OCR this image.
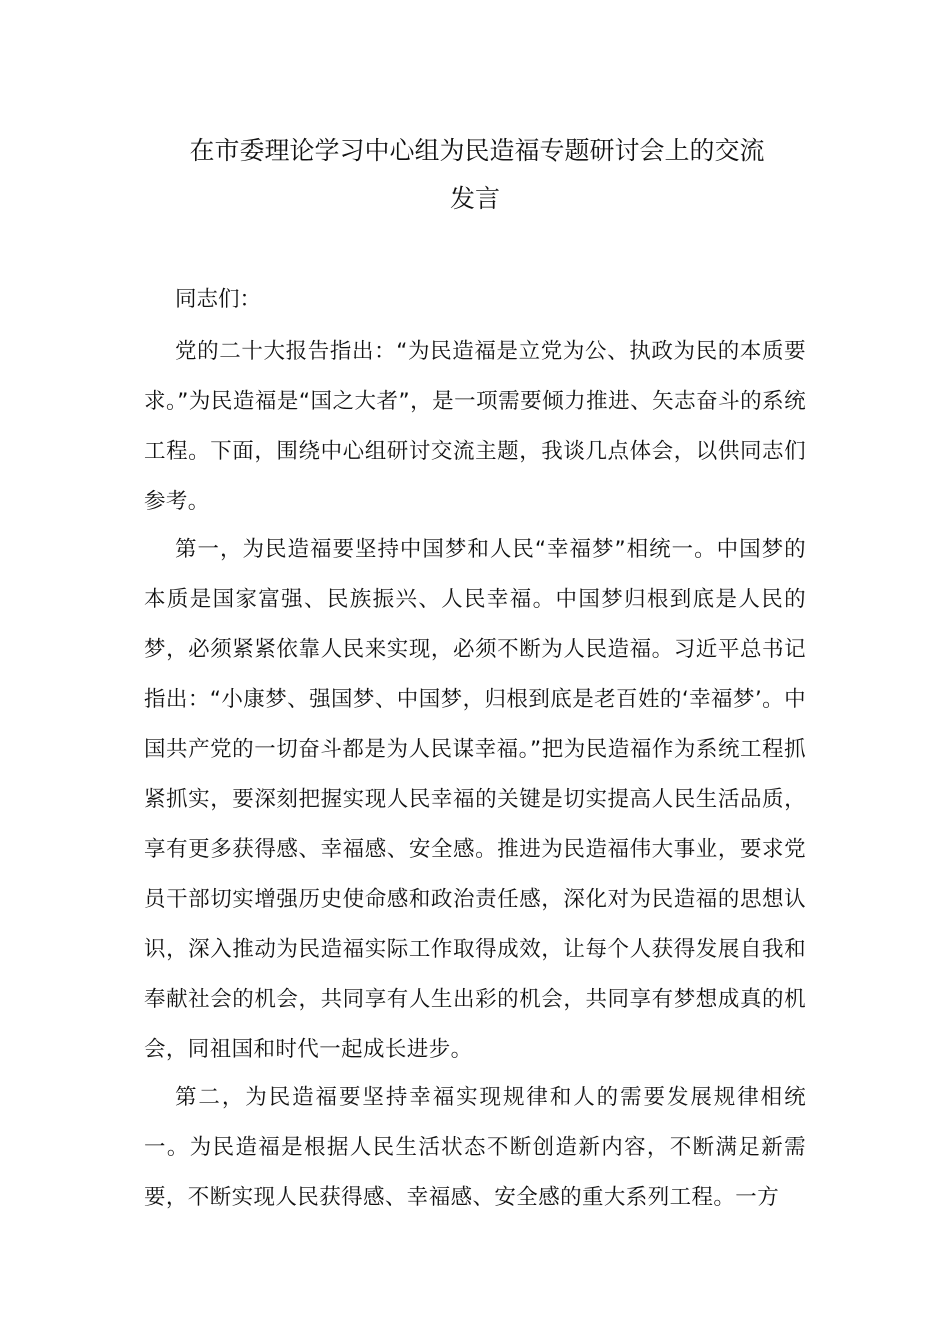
在市委理论学习中心组为民造福专题研讨会上的交流
发言

同志们：

党的二十大报告指出：“为民造福是立党为公、执政为民的本质要求。”为民造福是“国之大者”，是一项需要倾力推进、矢志奋斗的系统工程。下面，围绕中心组研讨交流主题，我谈几点体会，以供同志们参考。

第一，为民造福要坚持中国梦和人民“幸福梦”相统一。中国梦的本质是国家富强、民族振兴、人民幸福。中国梦归根到底是人民的梦，必须紧紧依靠人民来实现，必须不断为人民造福。习近平总书记指出：“小康梦、强国梦、中国梦，归根到底是老百姓的‘幸福梦’。中国共产党的一切奋斗都是为人民谋幸福。”把为民造福作为系统工程抓紧抓实，要深刻把握实现人民幸福的关键是切实提高人民生活品质，享有更多获得感、幸福感、安全感。推进为民造福伟大事业，要求党员干部切实增强历史使命感和政治责任感，深化对为民造福的思想认识，深入推动为民造福实际工作取得成效，让每个人获得发展自我和奉献社会的机会，共同享有人生出彩的机会，共同享有梦想成真的机会，同祖国和时代一起成长进步。

第二，为民造福要坚持幸福实现规律和人的需要发展规律相统一。为民造福是根据人民生活状态不断创造新内容，不断满足新需要，不断实现人民获得感、幸福感、安全感的重大系列工程。一方
